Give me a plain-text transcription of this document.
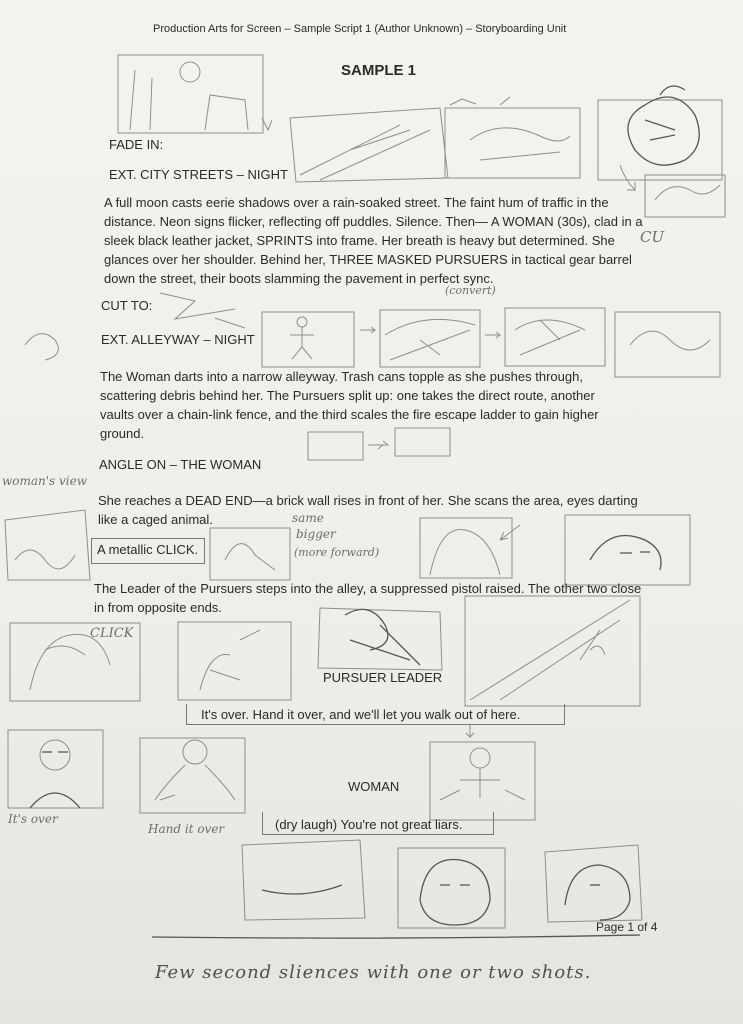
Production Arts for Screen – Sample Script 1 (Author Unknown) – Storyboarding Unit
SAMPLE 1
FADE IN:
EXT. CITY STREETS – NIGHT
A full moon casts eerie shadows over a rain-soaked street. The faint hum of traffic in the distance. Neon signs flicker, reflecting off puddles. Silence. Then— A WOMAN (30s), clad in a sleek black leather jacket, SPRINTS into frame. Her breath is heavy but determined. She glances over her shoulder. Behind her, THREE MASKED PURSUERS in tactical gear barrel down the street, their boots slamming the pavement in perfect sync.
CUT TO:
EXT. ALLEYWAY – NIGHT
The Woman darts into a narrow alleyway. Trash cans topple as she pushes through, scattering debris behind her. The Pursuers split up: one takes the direct route, another vaults over a chain-link fence, and the third scales the fire escape ladder to gain higher ground.
ANGLE ON – THE WOMAN
She reaches a DEAD END—a brick wall rises in front of her. She scans the area, eyes darting like a caged animal.
A metallic CLICK.
The Leader of the Pursuers steps into the alley, a suppressed pistol raised. The other two close in from opposite ends.
PURSUER LEADER
It's over. Hand it over, and we'll let you walk out of here.
WOMAN
(dry laugh) You're not great liars.
Page 1 of 4
CU
(convert)
woman's view
same
bigger
(more forward)
CLICK
It's over
Hand it over
Few second sliences with one or two shots.
